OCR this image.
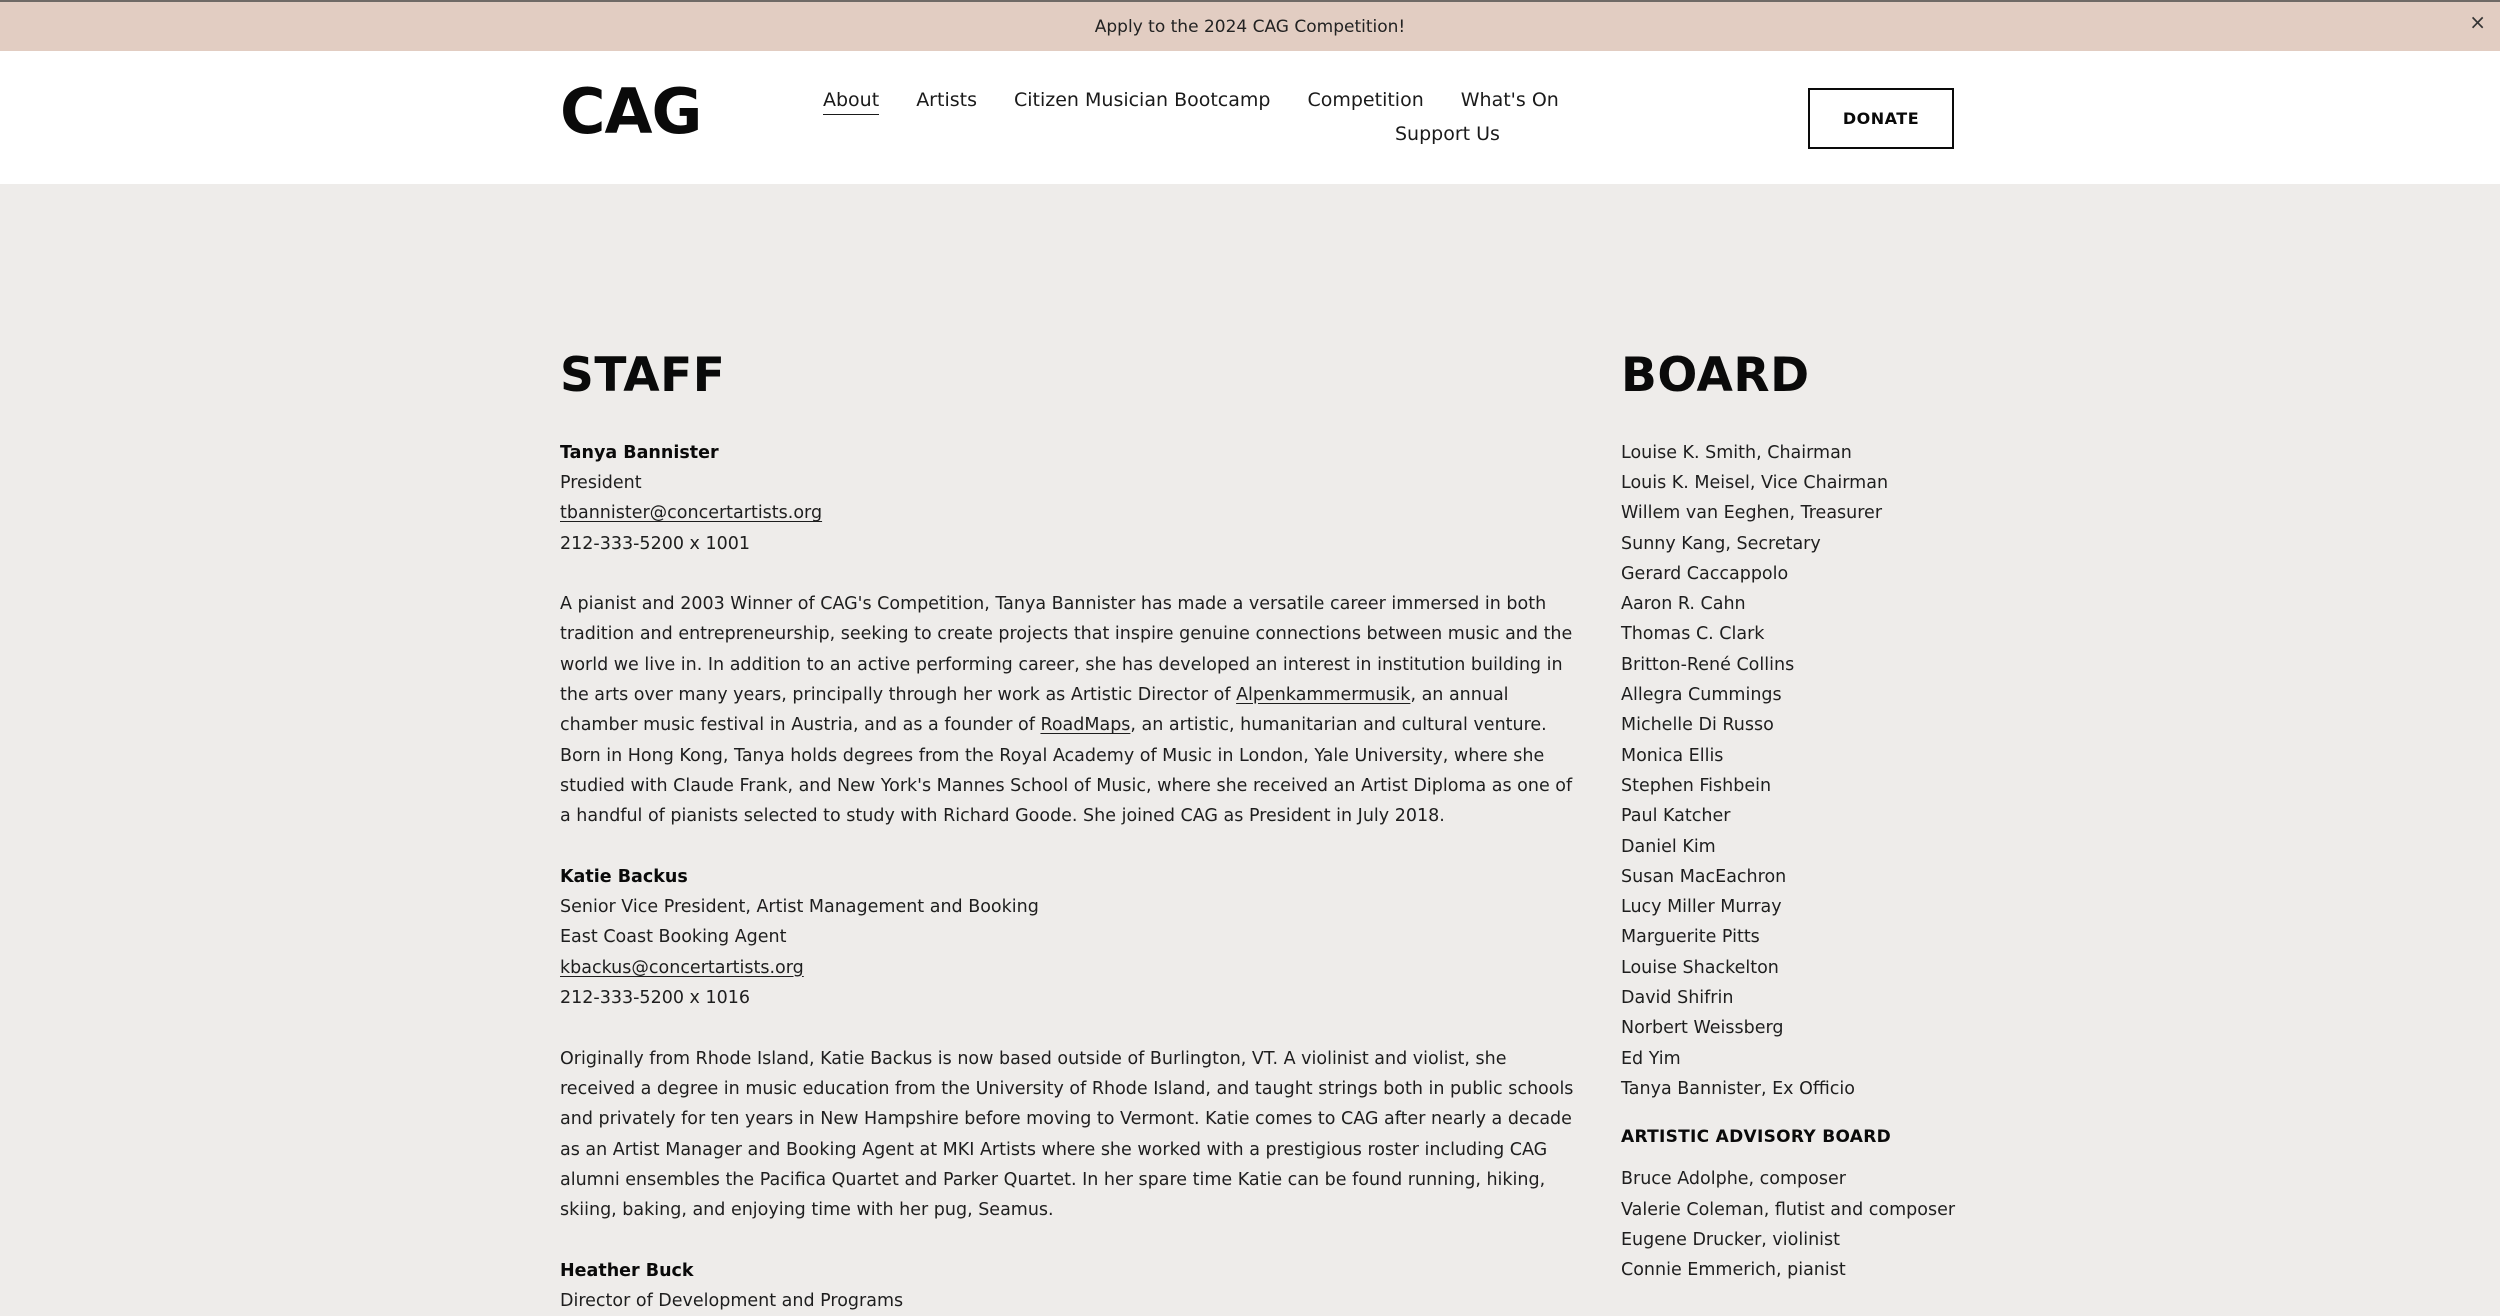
Apply to the 2024 CAG Competition!	×
CAG	About Artists Citizen Musician Bootcamp Competition What's On
Support Us
DONATE
STAFF
Tanya Bannister
President
tbannister@concertartists.org
212-333-5200 x 1001

A pianist and 2003 Winner of CAG's Competition, Tanya Bannister has made a versatile career immersed in both tradition and entrepreneurship, seeking to create projects that inspire genuine connections between music and the world we live in. In addition to an active performing career, she has developed an interest in institution building in the arts over many years, principally through her work as Artistic Director of Alpenkammermusik, an annual chamber music festival in Austria, and as a founder of RoadMaps, an artistic, humanitarian and cultural venture. Born in Hong Kong, Tanya holds degrees from the Royal Academy of Music in London, Yale University, where she studied with Claude Frank, and New York's Mannes School of Music, where she received an Artist Diploma as one of a handful of pianists selected to study with Richard Goode. She joined CAG as President in July 2018.

Katie Backus
Senior Vice President, Artist Management and Booking
East Coast Booking Agent
kbackus@concertartists.org
212-333-5200 x 1016

Originally from Rhode Island, Katie Backus is now based outside of Burlington, VT. A violinist and violist, she received a degree in music education from the University of Rhode Island, and taught strings both in public schools and privately for ten years in New Hampshire before moving to Vermont. Katie comes to CAG after nearly a decade as an Artist Manager and Booking Agent at MKI Artists where she worked with a prestigious roster including CAG alumni ensembles the Pacifica Quartet and Parker Quartet. In her spare time Katie can be found running, hiking, skiing, baking, and enjoying time with her pug, Seamus.

Heather Buck
Director of Development and Programs
BOARD
Louise K. Smith, Chairman
Louis K. Meisel, Vice Chairman
Willem van Eeghen, Treasurer
Sunny Kang, Secretary
Gerard Caccappolo
Aaron R. Cahn
Thomas C. Clark
Britton-René Collins
Allegra Cummings
Michelle Di Russo
Monica Ellis
Stephen Fishbein
Paul Katcher
Daniel Kim
Susan MacEachron
Lucy Miller Murray
Marguerite Pitts
Louise Shackelton
David Shifrin
Norbert Weissberg
Ed Yim
Tanya Bannister, Ex Officio
ARTISTIC ADVISORY BOARD
Bruce Adolphe, composer
Valerie Coleman, flutist and composer
Eugene Drucker, violinist
Connie Emmerich, pianist
